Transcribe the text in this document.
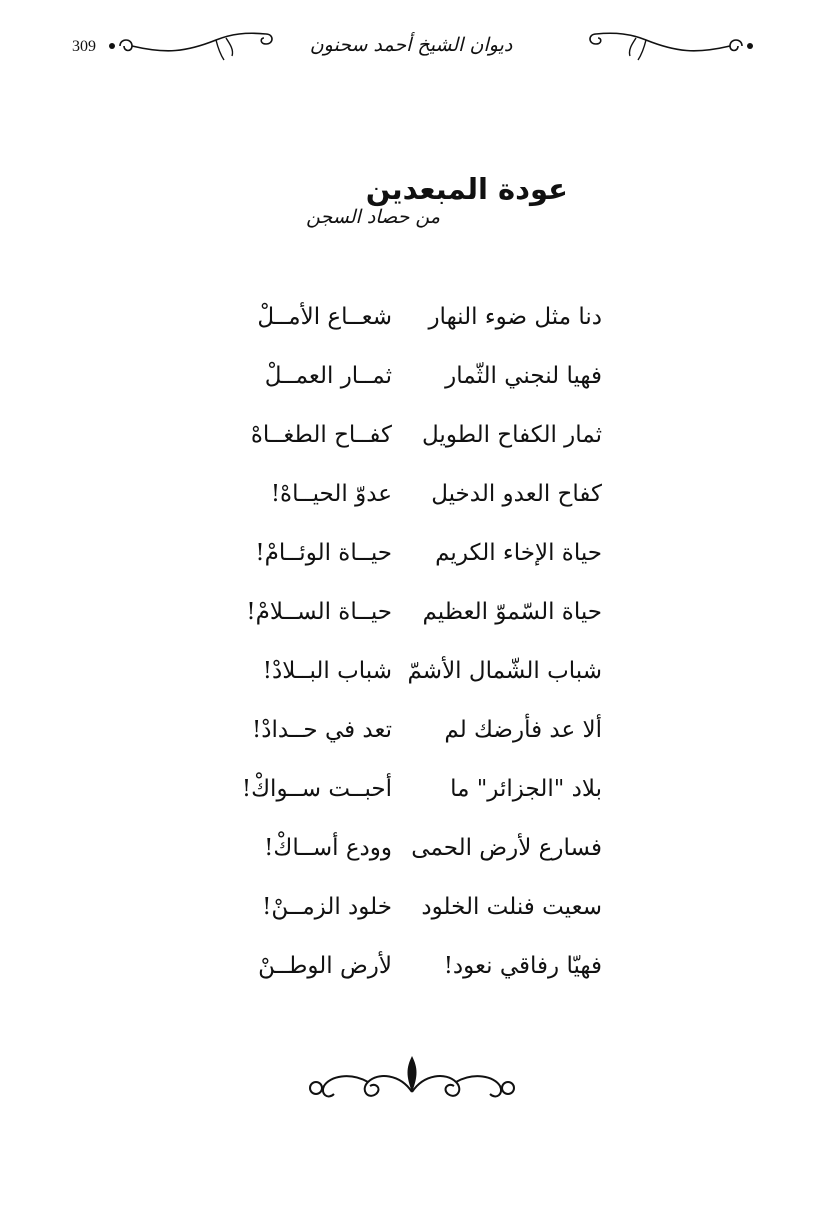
309	ديوان الشيخ أحمد سحنون
عودة المبعدين
من حصاد السجن
دنا مثل ضوء النهار
شعــاع الأمــلْ
فهيا لنجني الثّمار
ثمــار العمــلْ
ثمار الكفاح الطويل
كفــاح الطغــاهْ
كفاح العدو الدخيل
عدوّ الحيــاهْ!
حياة الإخاء الكريم
حيــاة الوئــامْ!
حياة السّموّ العظيم
حيــاة الســلامْ!
شباب الشّمال الأشمّ
شباب البــلادْ!
ألا عد فأرضك لم
تعد في حــدادْ!
بلاد "الجزائر" ما
أحبــت ســواكْ!
فسارع لأرض الحمى
وودع أســاكْ!
سعيت فنلت الخلود
خلود الزمــنْ!
فهيّا رفاقي نعود!
لأرض الوطــنْ
